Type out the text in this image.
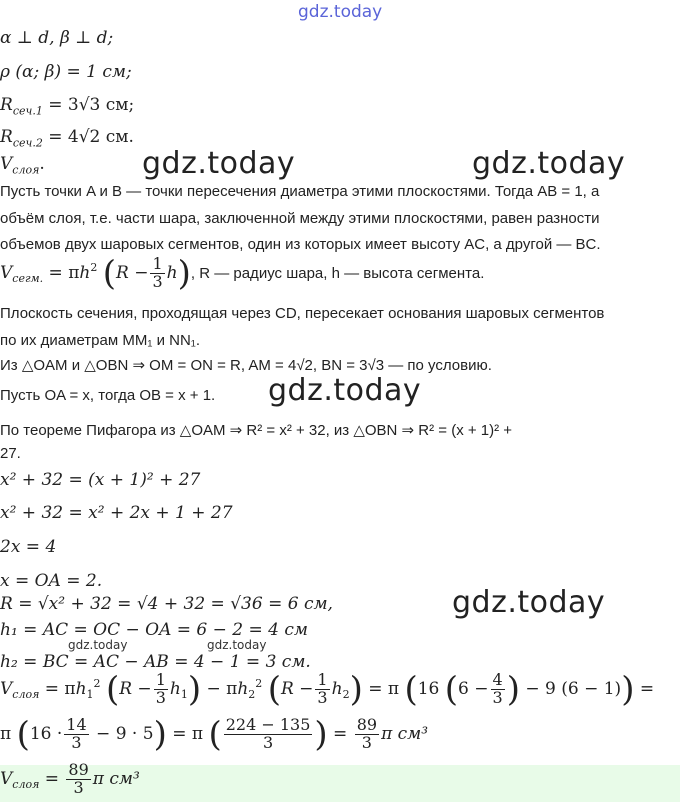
gdz.today
α ⊥ d, β ⊥ d;
ρ (α; β) = 1 см;
$R_{сеч.1} = 3√3$ см;
$R_{сеч.2} = 4√2$ см.
$V_{слоя}$.	gdz.today	gdz.today
Пусть точки A и B — точки пересечения диаметра этими плоскостями. Тогда AB = 1, а
объём слоя, т.е. части шара, заключенной между этими плоскостями, равен разности
объемов двух шаровых сегментов, один из которых имеет высоту AC, а другой — BC.
$V_{сегм.} = \pi h^2$ $(R - \frac{1}{3} h)$, R — радиус шара, h — высота сегмента.
Плоскость сечения, проходящая через CD, пересекает основания шаровых сегментов
по их диаметрам MM₁ и NN₁.
Из △OAM и △OBN ⇒ OM = ON = R, AM = 4√2, BN = 3√3 — по условию.
Пусть OA = x, тогда OB = x + 1. gdz.today
По теореме Пифагора из △OAM ⇒ R² = x² + 32, из △OBN ⇒ R² = (x + 1)² +
27.
x² + 32 = (x + 1)² + 27
x² + 32 = x² + 2x + 1 + 27
2x = 4
x = OA = 2.
R = √x² + 32 = √4 + 32 = √36 = 6 см,	gdz.today
h₁ = AC = OC − OA = 6 − 2 = 4 см
gdz.today	gdz.today
h₂ = BC = AC − AB = 4 − 1 = 3 см.
$V_{слоя} = \pi h_1^2$ $(R - \frac{1}{3} h_1) - \pi h_2^2$ $(R - \frac{1}{3} h_2) = \pi$ (16 ($6 - \frac{4}{3}$ ) − 9 (6 − 1)) =
π $(16 \cdot \frac{14}{3} - 9 \cdot 5) = \pi$ ( $\frac{224 - 135}{3}$ ) = $\frac{89}{3}$ π см³
$V_{слоя} = \frac{89}{3}$ π см³
